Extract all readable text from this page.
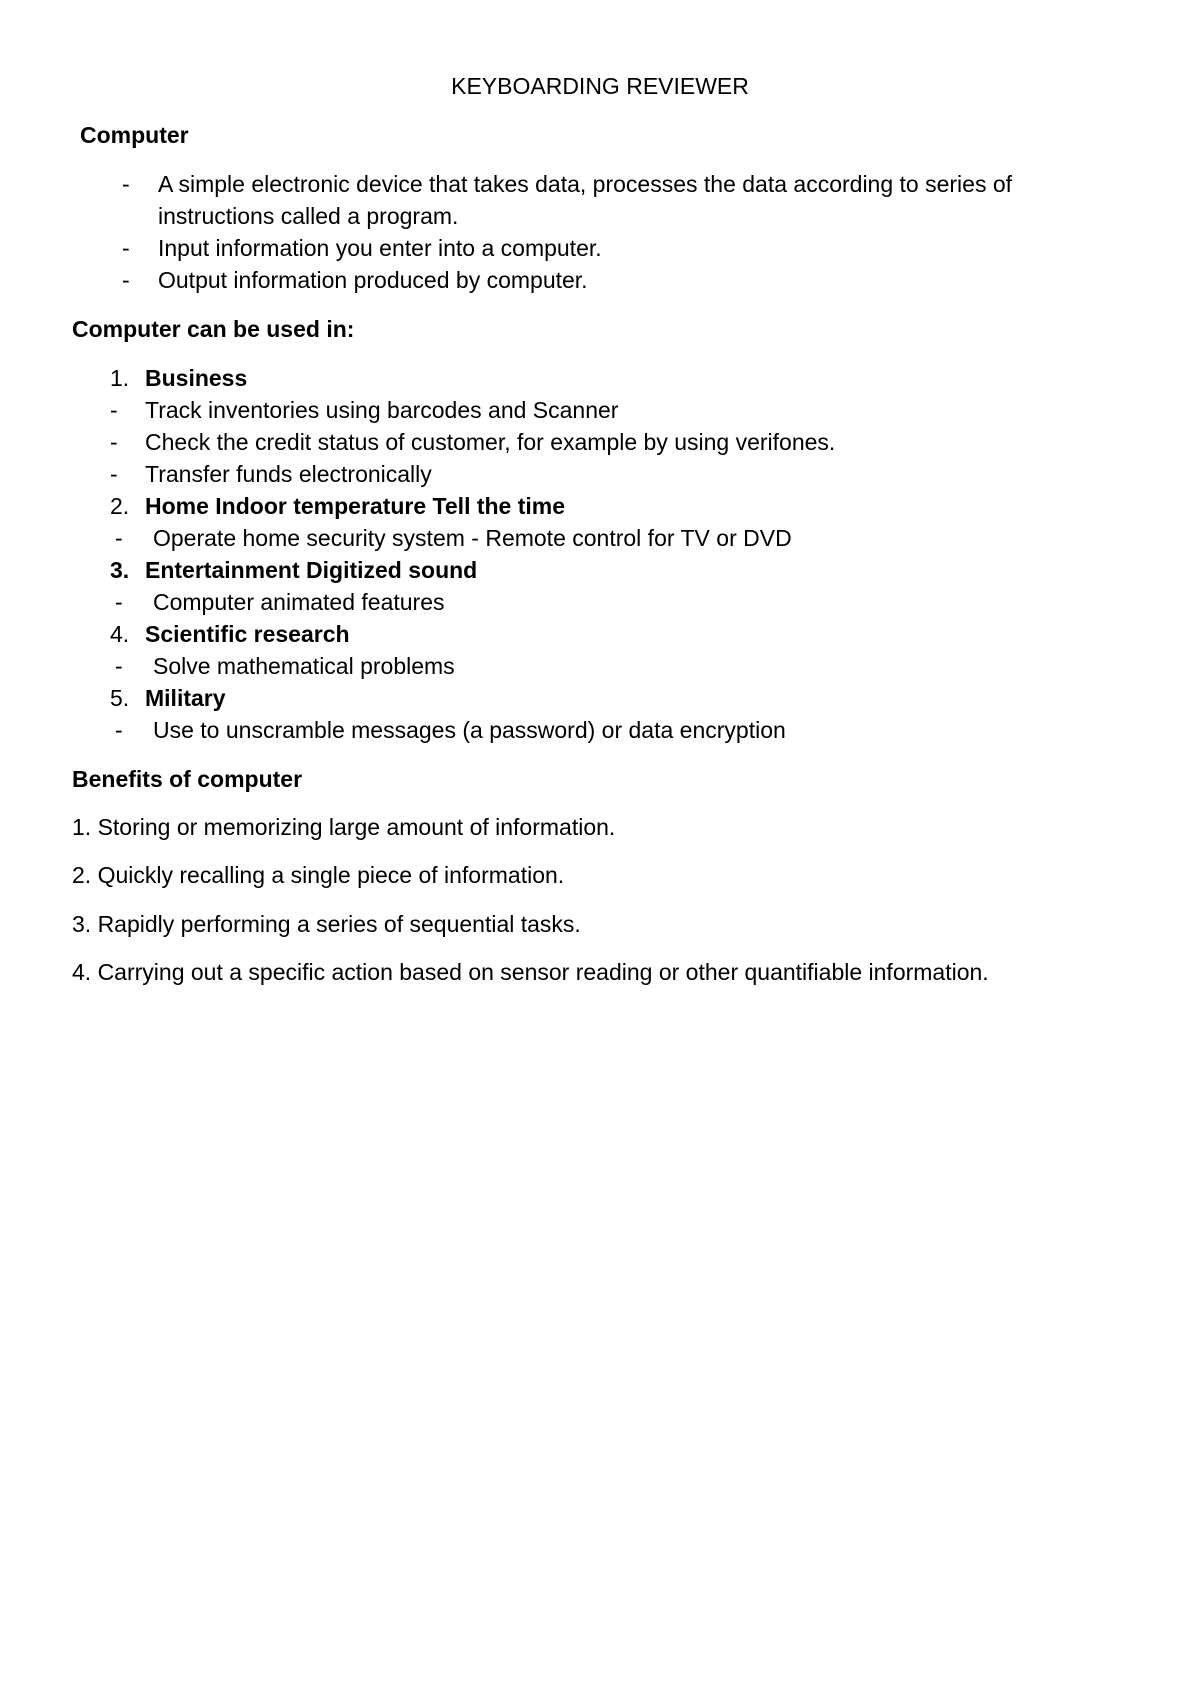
KEYBOARDING REVIEWER
Computer
- A simple electronic device that takes data, processes the data according to series of
instructions called a program.
- Input information you enter into a computer.
- Output information produced by computer.
Computer can be used in:
1. Business
- Track inventories using barcodes and Scanner
- Check the credit status of customer, for example by using verifones.
- Transfer funds electronically
2. Home Indoor temperature Tell the time
- Operate home security system - Remote control for TV or DVD
3. Entertainment Digitized sound
- Computer animated features
4. Scientific research
- Solve mathematical problems
5. Military
- Use to unscramble messages (a password) or data encryption
Benefits of computer
1. Storing or memorizing large amount of information.
2. Quickly recalling a single piece of information.
3. Rapidly performing a series of sequential tasks.
4. Carrying out a specific action based on sensor reading or other quantifiable information.
